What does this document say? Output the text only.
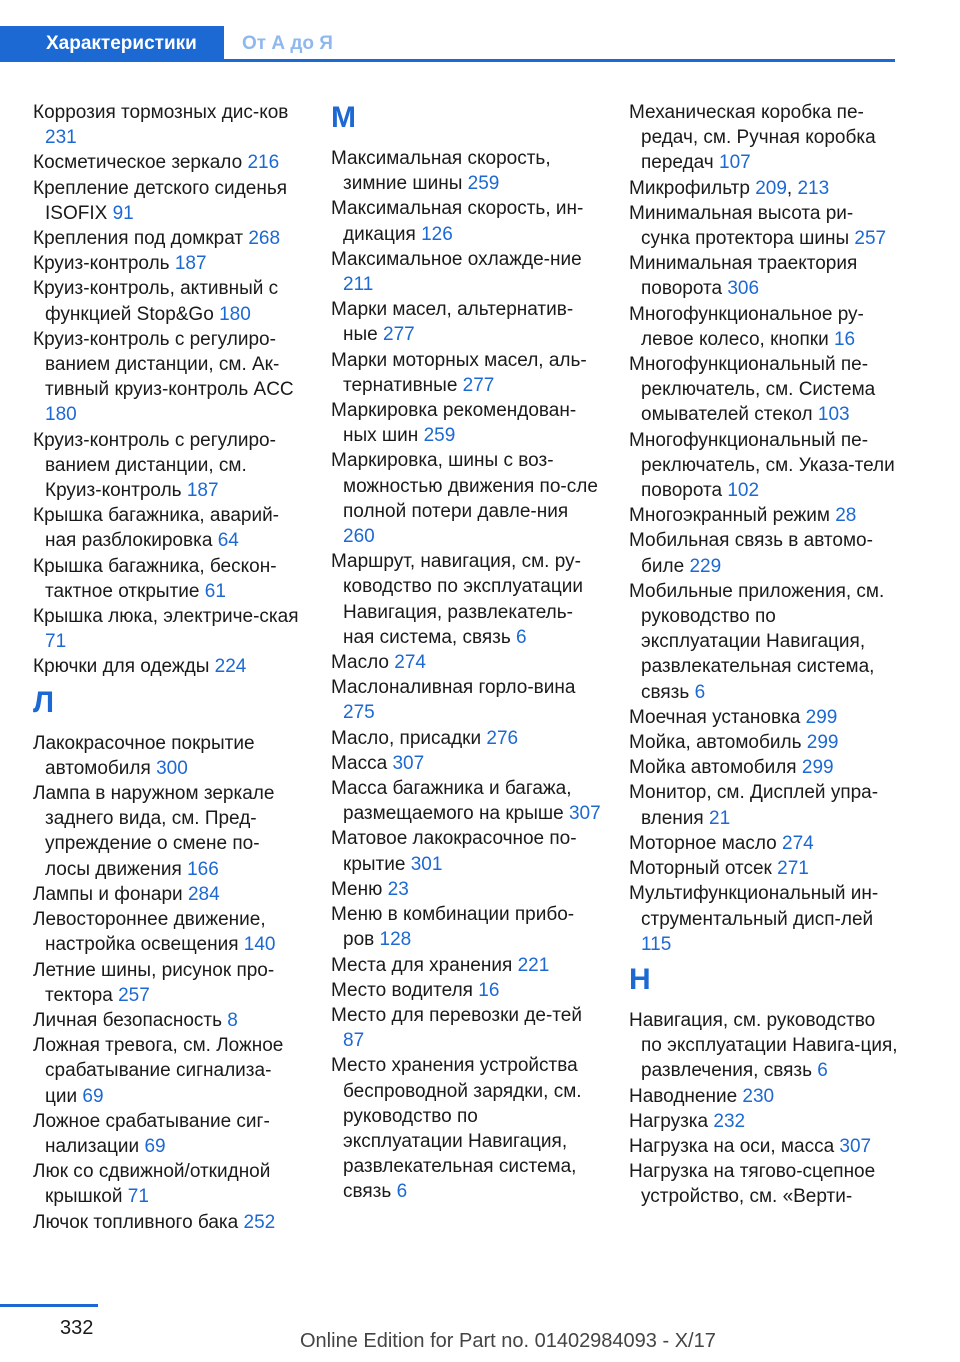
Характеристики	От А до Я
Коррозия тормозных дис-ков 231
Косметическое зеркало 216
Крепление детского сиденья ISOFIX 91
Крепления под домкрат 268
Круиз-контроль 187
Круиз-контроль, активный с функцией Stop&Go 180
Круиз-контроль с регулиро-ванием дистанции, см. Ак-тивный круиз-контроль ACC 180
Круиз-контроль с регулиро-ванием дистанции, см. Круиз-контроль 187
Крышка багажника, аварий-ная разблокировка 64
Крышка багажника, бескон-тактное открытие 61
Крышка люка, электриче-ская 71
Крючки для одежды 224
Л
Лакокрасочное покрытие автомобиля 300
Лампа в наружном зеркале заднего вида, см. Пред-упреждение о смене по-лосы движения 166
Лампы и фонари 284
Левостороннее движение, настройка освещения 140
Летние шины, рисунок про-тектора 257
Личная безопасность 8
Ложная тревога, см. Ложное срабатывание сигнализа-ции 69
Ложное срабатывание сиг-нализации 69
Люк со сдвижной/откидной крышкой 71
Лючок топливного бака 252
М
Максимальная скорость, зимние шины 259
Максимальная скорость, ин-дикация 126
Максимальное охлажде-ние 211
Марки масел, альтернатив-ные 277
Марки моторных масел, аль-тернативные 277
Маркировка рекомендован-ных шин 259
Маркировка, шины с воз-можностью движения по-сле полной потери давле-ния 260
Маршрут, навигация, см. ру-ководство по эксплуатации Навигация, развлекатель-ная система, связь 6
Масло 274
Маслоналивная горло-вина 275
Масло, присадки 276
Масса 307
Масса багажника и багажа, размещаемого на крыше 307
Матовое лакокрасочное по-крытие 301
Меню 23
Меню в комбинации прибо-ров 128
Места для хранения 221
Место водителя 16
Место для перевозки де-тей 87
Место хранения устройства беспроводной зарядки, см. руководство по эксплуатации Навигация, развлекательная система, связь 6
Механическая коробка пе-редач, см. Ручная коробка передач 107
Микрофильтр 209, 213
Минимальная высота ри-сунка протектора шины 257
Минимальная траектория поворота 306
Многофункциональное ру-левое колесо, кнопки 16
Многофункциональный пе-реключатель, см. Система омывателей стекол 103
Многофункциональный пе-реключатель, см. Указа-тели поворота 102
Многоэкранный режим 28
Мобильная связь в автомо-биле 229
Мобильные приложения, см. руководство по эксплуатации Навигация, развлекательная система, связь 6
Моечная установка 299
Мойка, автомобиль 299
Мойка автомобиля 299
Монитор, см. Дисплей упра-вления 21
Моторное масло 274
Моторный отсек 271
Мультифункциональный ин-струментальный дисп-лей 115
Н
Навигация, см. руководство по эксплуатации Навига-ция, развлечения, связь 6
Наводнение 230
Нагрузка 232
Нагрузка на оси, масса 307
Нагрузка на тягово-сцепное устройство, см. «Верти-
332
Online Edition for Part no. 01402984093 - X/17
